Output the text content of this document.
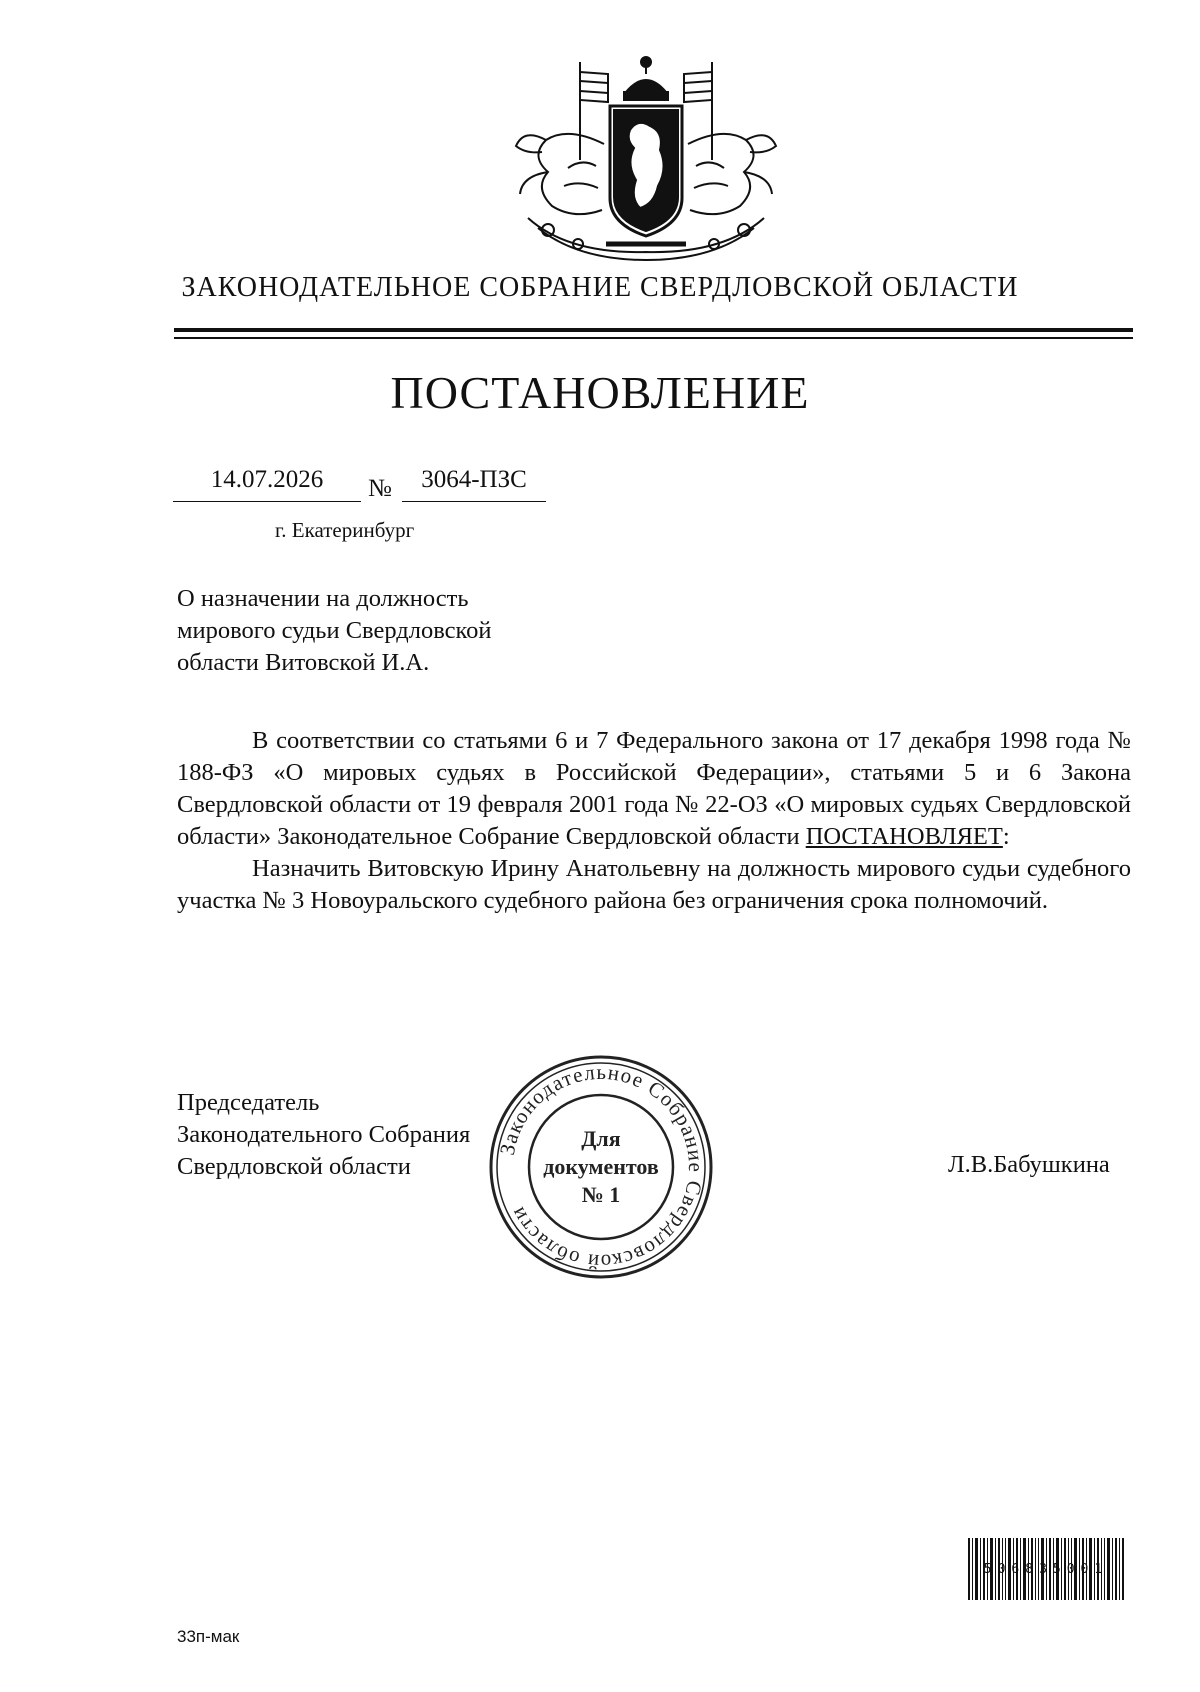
ЗАКОНОДАТЕЛЬНОЕ СОБРАНИЕ СВЕРДЛОВСКОЙ ОБЛАСТИ
ПОСТАНОВЛЕНИЕ
14.07.2026	№	3064-ПЗС
г. Екатеринбург
О назначении на должность
мирового судьи Свердловской
области Витовской И.А.

В соответствии со статьями 6 и 7 Федерального закона от 17 декабря 1998 года № 188-ФЗ «О мировых судьях в Российской Федерации», статьями 5 и 6 Закона Свердловской области от 19 февраля 2001 года № 22-ОЗ «О мировых судьях Свердловской области» Законодательное Собрание Свердловской области ПОСТАНОВЛЯЕТ:

Назначить Витовскую Ирину Анатольевну на должность мирового судьи судебного участка № 3 Новоуральского судебного района без ограничения срока полномочий.

Председатель
Законодательного Собрания
Свердловской области
Законодательное Собрание Свердловской области
Для
документов
№ 1
Л.В.Бабушкина
506835001
33п-мак
